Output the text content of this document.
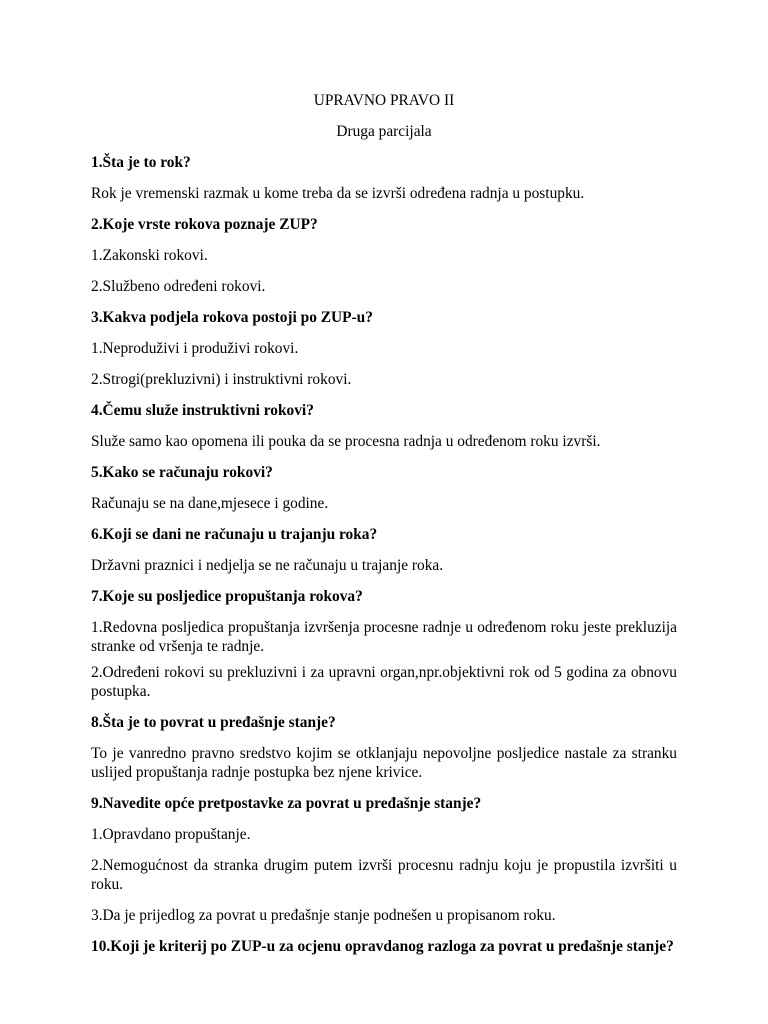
UPRAVNO PRAVO II

Druga parcijala

1.Šta je to rok?

Rok je vremenski razmak u kome treba da se izvrši određena radnja u postupku.

2.Koje vrste rokova poznaje ZUP?

1.Zakonski rokovi.

2.Službeno određeni rokovi.

3.Kakva podjela rokova postoji po ZUP-u?

1.Neproduživi i produživi rokovi.

2.Strogi(prekluzivni) i instruktivni rokovi.

4.Čemu služe instruktivni rokovi?

Služe samo kao opomena ili pouka da se procesna radnja u određenom roku izvrši.

5.Kako se računaju rokovi?

Računaju se na dane,mjesece i godine.

6.Koji se dani ne računaju u trajanju roka?

Državni praznici i nedjelja se ne računaju u trajanje roka.

7.Koje su posljedice propuštanja rokova?

1.Redovna posljedica propuštanja izvršenja procesne radnje u određenom roku jeste prekluzija stranke od vršenja te radnje.

2.Određeni rokovi su prekluzivni i za upravni organ,npr.objektivni rok od 5 godina za obnovu postupka.

8.Šta je to povrat u pređašnje stanje?

To je vanredno pravno sredstvo kojim se otklanjaju nepovoljne posljedice nastale za stranku uslijed propuštanja radnje postupka bez njene krivice.

9.Navedite opće pretpostavke za povrat u pređašnje stanje?

1.Opravdano propuštanje.

2.Nemogućnost da stranka drugim putem izvrši procesnu radnju koju je propustila izvršiti u roku.

3.Da je prijedlog za povrat u pređašnje stanje podnešen u propisanom roku.

10.Koji je kriterij po ZUP-u za ocjenu opravdanog razloga za povrat u pređašnje stanje?
